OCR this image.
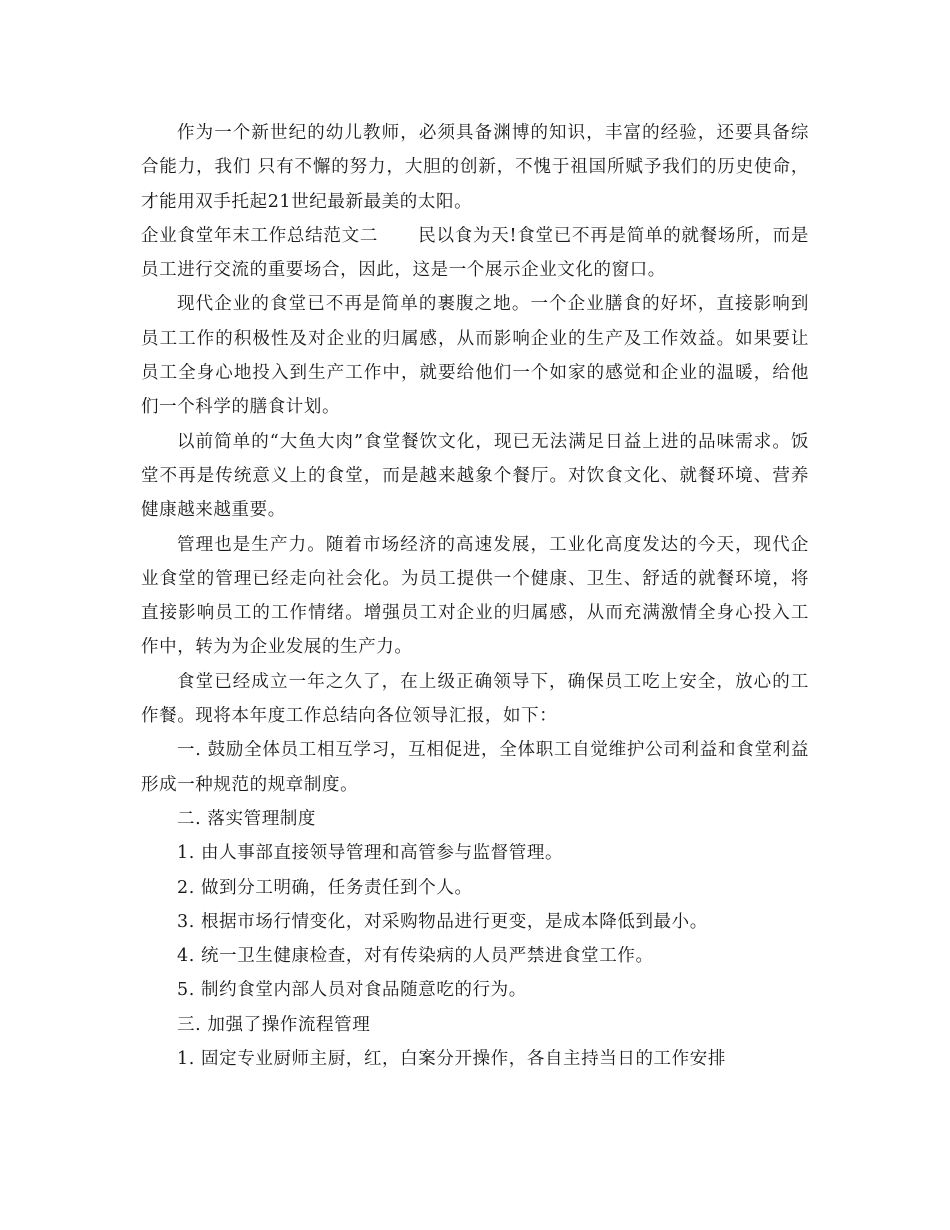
作为一个新世纪的幼儿教师，必须具备渊博的知识，丰富的经验，还要具备综合能力，我们 只有不懈的努力，大胆的创新，不愧于祖国所赋予我们的历史使命，才能用双手托起21世纪最新最美的太阳。

企业食堂年末工作总结范文二 民以食为天!食堂已不再是简单的就餐场所，而是员工进行交流的重要场合，因此，这是一个展示企业文化的窗口。

现代企业的食堂已不再是简单的裹腹之地。一个企业膳食的好坏，直接影响到员工工作的积极性及对企业的归属感，从而影响企业的生产及工作效益。如果要让员工全身心地投入到生产工作中，就要给他们一个如家的感觉和企业的温暖，给他们一个科学的膳食计划。

以前简单的“大鱼大肉”食堂餐饮文化，现已无法满足日益上进的品味需求。饭堂不再是传统意义上的食堂，而是越来越象个餐厅。对饮食文化、就餐环境、营养健康越来越重要。

管理也是生产力。随着市场经济的高速发展，工业化高度发达的今天，现代企业食堂的管理已经走向社会化。为员工提供一个健康、卫生、舒适的就餐环境，将直接影响员工的工作情绪。增强员工对企业的归属感，从而充满激情全身心投入工作中，转为为企业发展的生产力。

食堂已经成立一年之久了，在上级正确领导下，确保员工吃上安全，放心的工作餐。现将本年度工作总结向各位领导汇报，如下：

一. 鼓励全体员工相互学习，互相促进，全体职工自觉维护公司利益和食堂利益形成一种规范的规章制度。

二. 落实管理制度

1. 由人事部直接领导管理和高管参与监督管理。

2. 做到分工明确，任务责任到个人。

3. 根据市场行情变化，对采购物品进行更变，是成本降低到最小。

4. 统一卫生健康检查，对有传染病的人员严禁进食堂工作。

5. 制约食堂内部人员对食品随意吃的行为。

三. 加强了操作流程管理

1. 固定专业厨师主厨，红，白案分开操作，各自主持当日的工作安排
